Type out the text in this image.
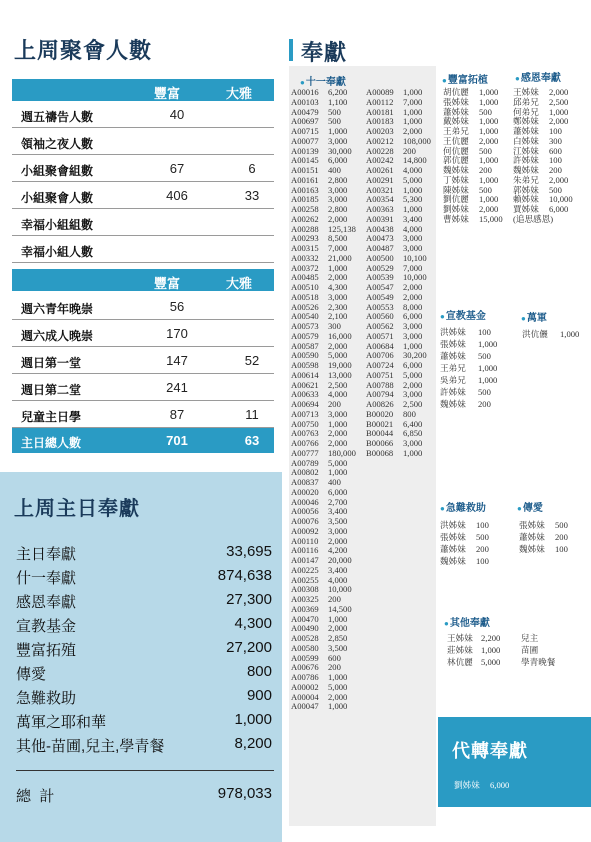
上周聚會人數
豐富	大雅
週五禱告人數	40
領袖之夜人數
小組聚會組數	67	6
小組聚會人數	406	33
幸福小組組數
幸福小組人數
豐富	大雅
週六青年晚崇	56
週六成人晚崇	170
週日第一堂	147	52
週日第二堂	241
兒童主日學	87	11
主日總人數	701	63
上周主日奉獻
主日奉獻	33,695
什一奉獻	874,638
感恩奉獻	27,300
宣教基金	4,300
豐富拓殖	27,200
傳愛	800
急難救助	900
萬軍之耶和華	1,000
其他-苗圃,兒主,學青餐	8,200
總  計	978,033
奉獻
●十一奉獻
A00016 6,200
A00103 1,100
A00479 500
A00697 500
A00715 1,000
A00077 3,000
A00139 30,000
A00145 6,000
A00151 400
A00161 2,800
A00163 3,000
A00185 3,000
A00258 2,800
A00262 2,000
A00288 125,138
A00293 8,500
A00315 7,000
A00332 21,000
A00372 1,000
A00485 2,000
A00510 4,300
A00518 3,000
A00526 2,300
A00540 2,100
A00573 300
A00579 16,000
A00587 2,000
A00590 5,000
A00598 19,000
A00614 13,000
A00621 2,500
A00633 4,000
A00694 200
A00713 3,000
A00750 1,000
A00763 2,000
A00766 2,000
A00777 180,000
A00789 5,000
A00802 1,000
A00837 400
A00020 6,000
A00046 2,700
A00056 3,400
A00076 3,500
A00092 3,000
A00110 2,000
A00116 4,200
A00147 20,000
A00225 3,400
A00255 4,000
A00308 10,000
A00325 200
A00369 14,500
A00470 1,000
A00490 2,000
A00528 2,850
A00580 3,500
A00599 600
A00676 200
A00786 1,000
A00002 5,000
A00004 2,000
A00047 1,000
A00089 1,000
A00112 7,000
A00181 1,000
A00183 1,000
A00203 2,000
A00212 108,000
A00228 200
A00242 14,800
A00261 4,000
A00291 5,000
A00321 1,000
A00354 5,300
A00363 1,000
A00391 3,400
A00438 4,000
A00473 3,000
A00487 3,000
A00500 10,100
A00529 7,000
A00539 10,000
A00547 2,000
A00549 2,000
A00553 8,000
A00560 6,000
A00562 3,000
A00571 3,000
A00684 1,000
A00706 30,200
A00724 6,000
A00751 5,000
A00788 2,000
A00794 3,000
A00826 2,500
B00020 800
B00021 6,400
B00044 6,850
B00066 3,000
B00068 1,000
●豐富拓植
胡伉麗 1,000
張姊妹 1,000
蕭姊妹 500
戴姊妹 1,000
王弟兄 1,000
王伉麗 2,000
何伉麗 500
郭伉麗 1,000
魏姊妹 200
丁姊妹 1,000
陳姊妹 500
劉伉麗 1,000
劉姊妹 2,000
曹姊妹 15,000
●感恩奉獻
王姊妹 2,000
邱弟兄 2,500
何弟兄 1,000
鄭姊妹 2,000
蕭姊妹 100
白姊妹 300
江姊妹 600
許姊妹 100
魏姊妹 200
朱弟兄 2,000
郭姊妹 500
賴姊妹 10,000
賈姊妹 6,000
(追思感恩)
●宣教基金
洪姊妹 100
張姊妹 1,000
蕭姊妹 500
王弟兄 1,000
吳弟兄 1,000
許姊妹 500
魏姊妹 200
●萬軍
洪伉儷 1,000
●急難救助
洪姊妹 100
張姊妹 500
蕭姊妹 200
魏姊妹 100
●傳愛
張姊妹 500
蕭姊妹 200
魏姊妹 100
●其他奉獻
王姊妹 2,200 兒主
莊姊妹 1,000 苗圃
林伉麗 5,000 學青晚餐
代轉奉獻
劉姊妹 6,000
